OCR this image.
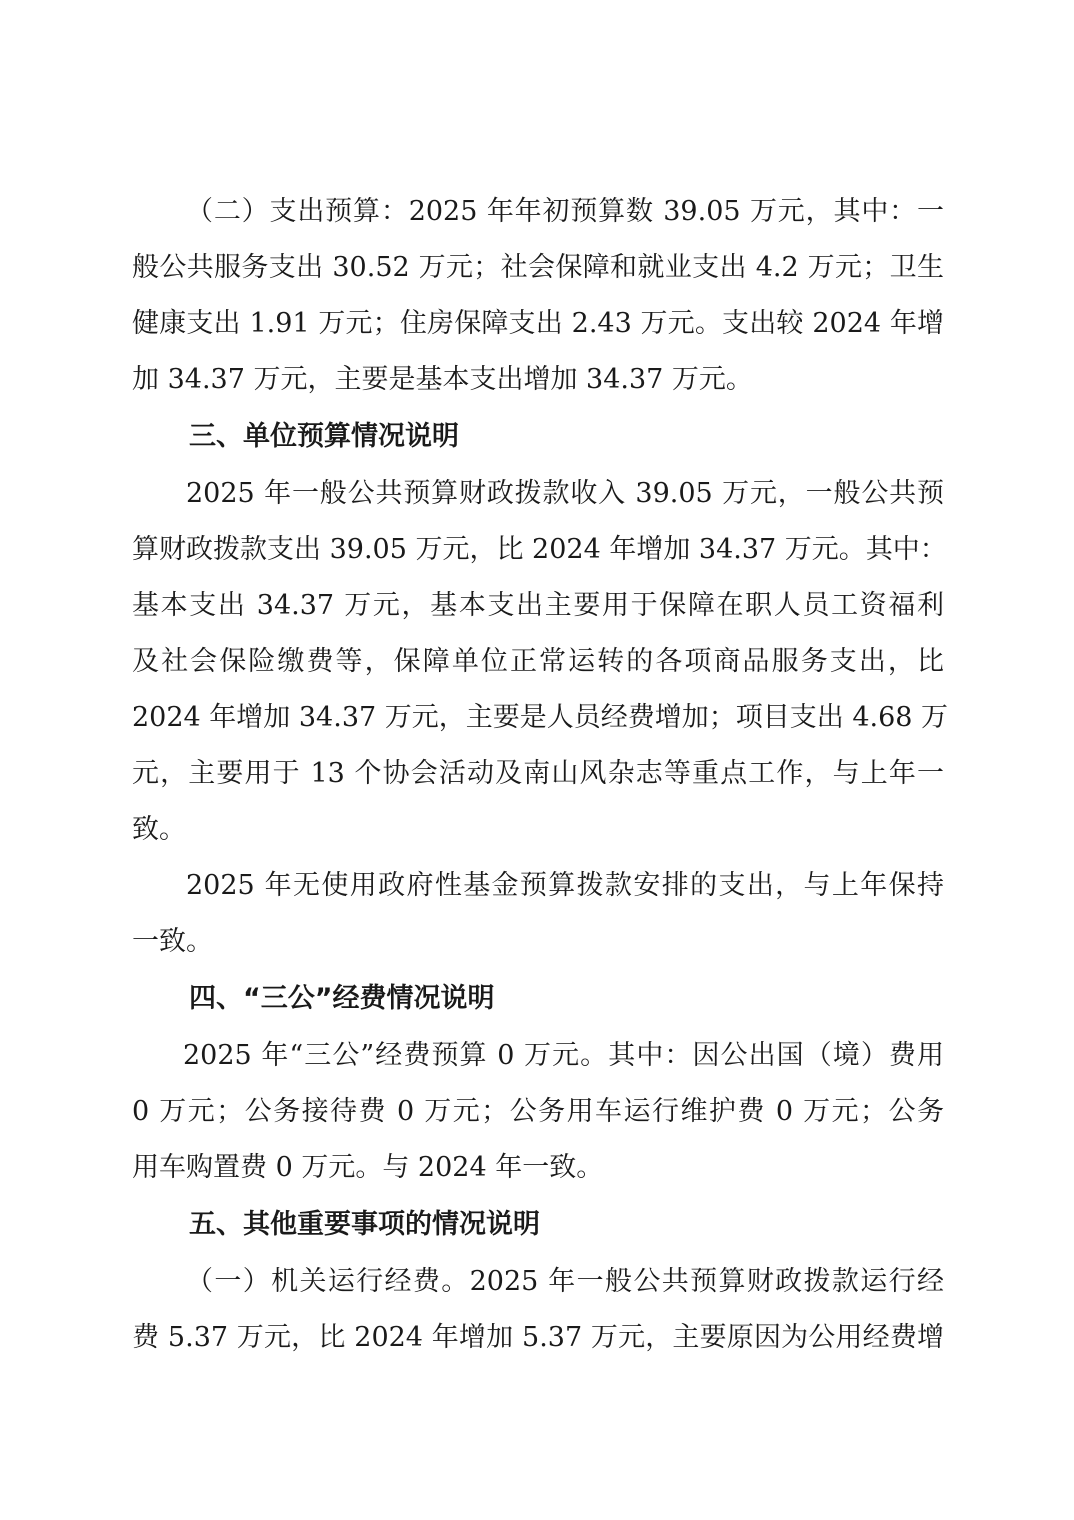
（二）支出预算：2025 年年初预算数 39.05 万元，其中：一
般公共服务支出 30.52 万元；社会保障和就业支出 4.2 万元；卫生
健康支出 1.91 万元；住房保障支出 2.43 万元。支出较 2024 年增
加 34.37 万元，主要是基本支出增加 34.37 万元。
三、单位预算情况说明
2025 年一般公共预算财政拨款收入 39.05 万元，一般公共预
算财政拨款支出 39.05 万元，比 2024 年增加 34.37 万元。其中：
基本支出 34.37 万元，基本支出主要用于保障在职人员工资福利
及社会保险缴费等，保障单位正常运转的各项商品服务支出，比
2024 年增加 34.37 万元，主要是人员经费增加；项目支出 4.68 万
元，主要用于 13 个协会活动及南山风杂志等重点工作，与上年一
致。
2025 年无使用政府性基金预算拨款安排的支出，与上年保持
一致。
四、“三公”经费情况说明
2025 年“三公”经费预算 0 万元。其中：因公出国（境）费用
0 万元；公务接待费 0 万元；公务用车运行维护费 0 万元；公务
用车购置费 0 万元。与 2024 年一致。
五、其他重要事项的情况说明
（一）机关运行经费。2025 年一般公共预算财政拨款运行经
费 5.37 万元，比 2024 年增加 5.37 万元，主要原因为公用经费增
